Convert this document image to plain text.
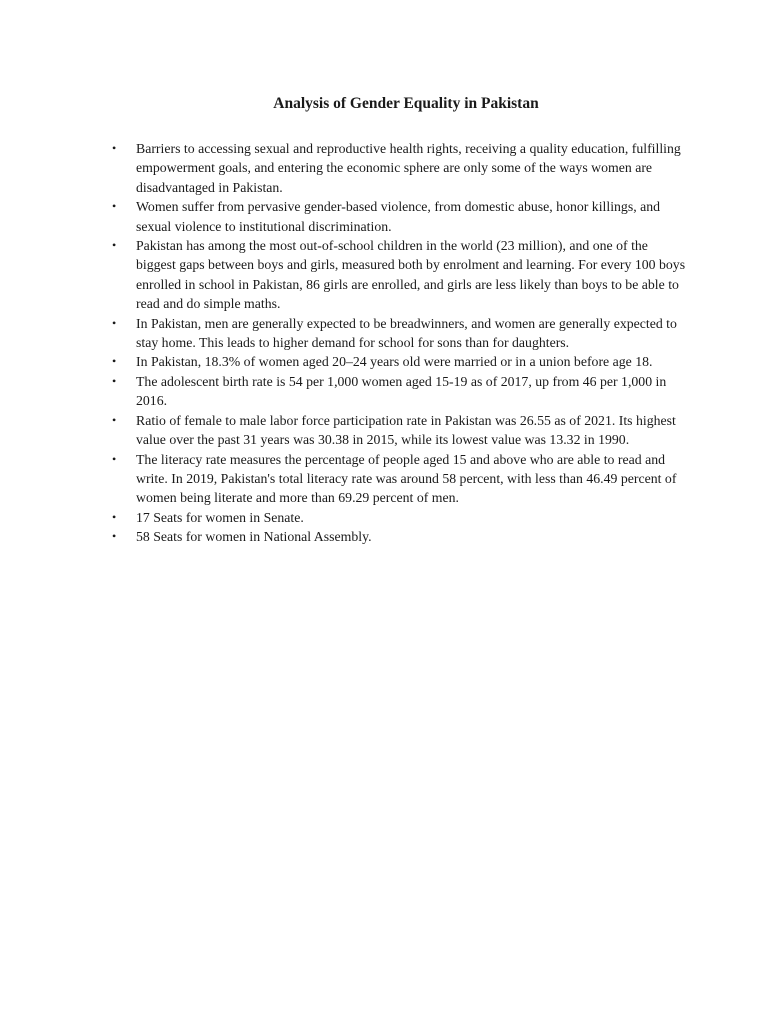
Analysis of Gender Equality in Pakistan
• Barriers to accessing sexual and reproductive health rights, receiving a quality education, fulfilling empowerment goals, and entering the economic sphere are only some of the ways women are disadvantaged in Pakistan.
• Women suffer from pervasive gender-based violence, from domestic abuse, honor killings, and sexual violence to institutional discrimination.
• Pakistan has among the most out-of-school children in the world (23 million), and one of the biggest gaps between boys and girls, measured both by enrolment and learning. For every 100 boys enrolled in school in Pakistan, 86 girls are enrolled, and girls are less likely than boys to be able to read and do simple maths.
• In Pakistan, men are generally expected to be breadwinners, and women are generally expected to stay home. This leads to higher demand for school for sons than for daughters.
• In Pakistan, 18.3% of women aged 20–24 years old were married or in a union before age 18.
• The adolescent birth rate is 54 per 1,000 women aged 15-19 as of 2017, up from 46 per 1,000 in 2016.
• Ratio of female to male labor force participation rate in Pakistan was 26.55 as of 2021. Its highest value over the past 31 years was 30.38 in 2015, while its lowest value was 13.32 in 1990.
• The literacy rate measures the percentage of people aged 15 and above who are able to read and write. In 2019, Pakistan's total literacy rate was around 58 percent, with less than 46.49 percent of women being literate and more than 69.29 percent of men.
• 17 Seats for women in Senate.
• 58 Seats for women in National Assembly.
